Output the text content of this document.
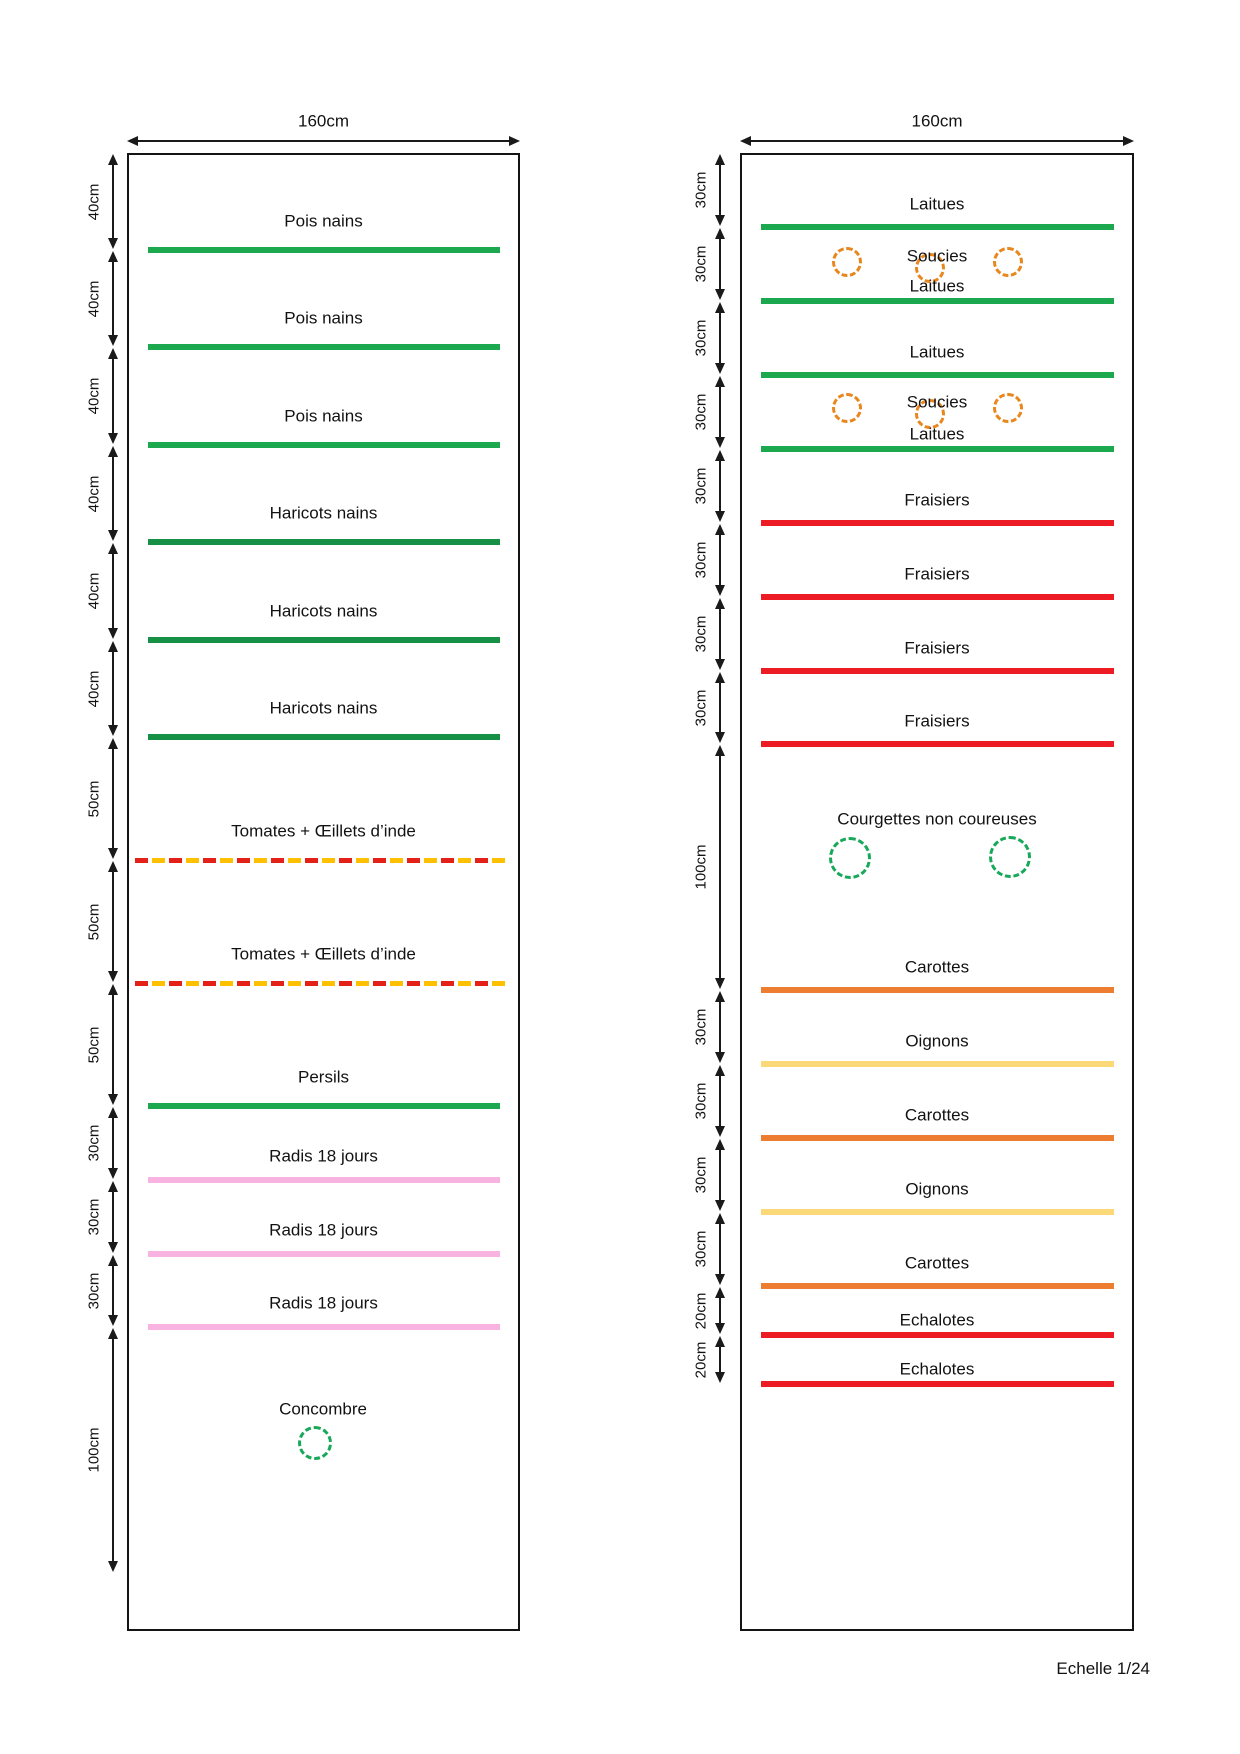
160cm
Pois nains
Pois nains
Pois nains
Haricots nains
Haricots nains
Haricots nains
Tomates + Œillets d’inde
Tomates + Œillets d’inde
Persils
Radis 18 jours
Radis 18 jours
Radis 18 jours
40cm
40cm
40cm
40cm
40cm
40cm
50cm
50cm
50cm
30cm
30cm
30cm
100cm
Concombre
160cm
Laitues
Laitues
Laitues
Laitues
Fraisiers
Fraisiers
Fraisiers
Fraisiers
Carottes
Oignons
Carottes
Oignons
Carottes
Echalotes
Echalotes
30cm
30cm
30cm
30cm
30cm
30cm
30cm
30cm
100cm
30cm
30cm
30cm
30cm
20cm
20cm
Soucies
Soucies
Courgettes non coureuses
Echelle 1/24
